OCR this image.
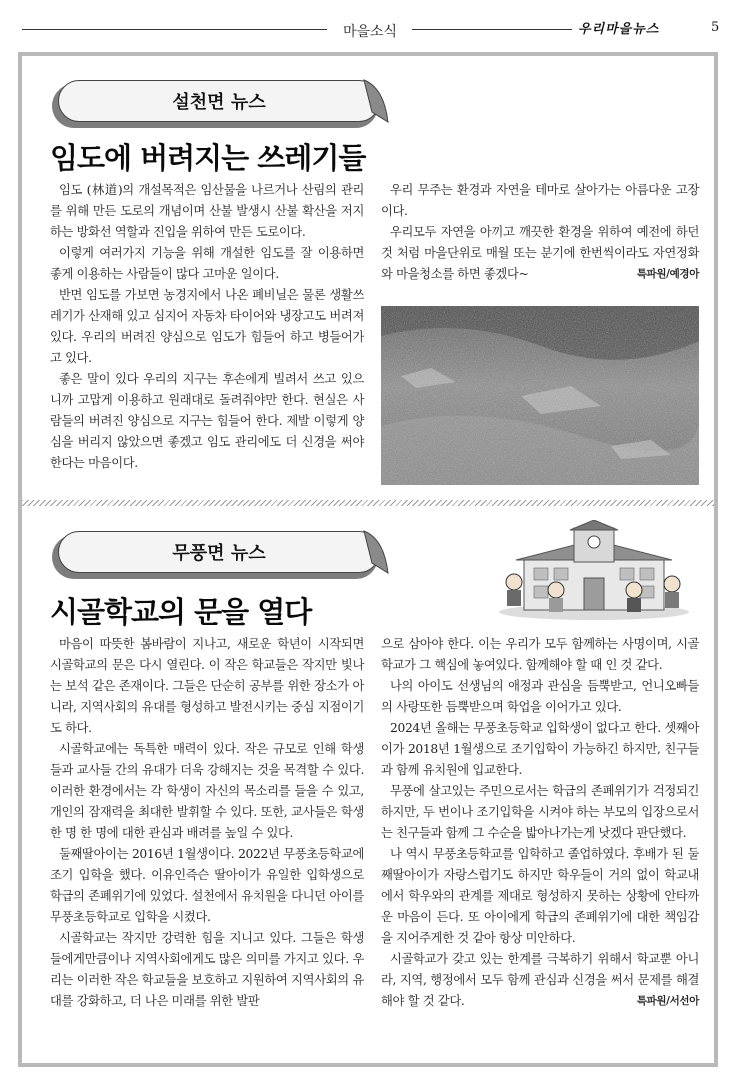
마을소식	우리마을뉴스	5
설천면 뉴스
임도에 버려지는 쓰레기들

임도 (林道)의 개설목적은 임산물을 나르거나 산림의 관리를 위해 만든 도로의 개념이며 산불 발생시 산불 확산을 저지하는 방화선 역할과 진입을 위하여 만든 도로이다.

이렇게 여러가지 기능을 위해 개설한 임도를 잘 이용하면 좋게 이용하는 사람들이 많다 고마운 일이다.

반면 임도를 가보면 농경지에서 나온 폐비닐은 물론 생활쓰레기가 산재해 있고 심지어 자동차 타이어와 냉장고도 버려져 있다. 우리의 버려진 양심으로 임도가 힘들어 하고 병들어가고 있다.

좋은 말이 있다 우리의 지구는 후손에게 빌려서 쓰고 있으니까 고맙게 이용하고 원래대로 돌려줘야만 한다. 현실은 사람들의 버려진 양심으로 지구는 힘들어 한다. 제발 이렇게 양심을 버리지 않았으면 좋겠고 임도 관리에도 더 신경을 써야 한다는 마음이다.

우리 무주는 환경과 자연을 테마로 살아가는 아름다운 고장이다.

우리모두 자연을 아끼고 깨끗한 환경을 위하여 예전에 하던것 처럼 마을단위로 매월 또는 분기에 한번씩이라도 자연정화와 마을청소를 하면 좋겠다~	특파원/예경아

무풍면 뉴스
시골학교의 문을 열다

마음이 따뜻한 봄바람이 지나고, 새로운 학년이 시작되면 시골학교의 문은 다시 열린다. 이 작은 학교들은 작지만 빛나는 보석 같은 존재이다. 그들은 단순히 공부를 위한 장소가 아니라, 지역사회의 유대를 형성하고 발전시키는 중심 지점이기도 하다.

시골학교에는 독특한 매력이 있다. 작은 규모로 인해 학생들과 교사들 간의 유대가 더욱 강해지는 것을 목격할 수 있다. 이러한 환경에서는 각 학생이 자신의 목소리를 들을 수 있고, 개인의 잠재력을 최대한 발휘할 수 있다. 또한, 교사들은 학생 한 명 한 명에 대한 관심과 배려를 높일 수 있다.

둘째딸아이는 2016년 1월생이다. 2022년 무풍초등학교에 조기 입학을 했다. 이유인즉슨 딸아이가 유일한 입학생으로 학급의 존폐위기에 있었다. 설천에서 유치원을 다니던 아이를 무풍초등학교로 입학을 시켰다.

시골학교는 작지만 강력한 힘을 지니고 있다. 그들은 학생들에게만큼이나 지역사회에게도 많은 의미를 가지고 있다. 우리는 이러한 작은 학교들을 보호하고 지원하여 지역사회의 유대를 강화하고, 더 나은 미래를 위한 발판

으로 삼아야 한다. 이는 우리가 모두 함께하는 사명이며, 시골학교가 그 핵심에 놓여있다. 함께해야 할 때 인 것 같다.

나의 아이도 선생님의 애정과 관심을 듬뿍받고, 언니오빠들의 사랑또한 듬뿍받으며 학업을 이어가고 있다.

2024년 올해는 무풍초등학교 입학생이 없다고 한다. 셋째아이가 2018년 1월생으로 조기입학이 가능하긴 하지만, 친구들과 함께 유치원에 입교한다.

무풍에 살고있는 주민으로서는 학급의 존폐위기가 걱정되긴 하지만, 두 번이나 조기입학을 시켜야 하는 부모의 입장으로서는 친구들과 함께 그 수순을 밟아나가는게 낫겠다 판단했다.

나 역시 무풍초등학교를 입학하고 졸업하였다. 후배가 된 둘째딸아이가 자랑스럽기도 하지만 학우들이 거의 없이 학교내에서 학우와의 관계를 제대로 형성하지 못하는 상황에 안타까운 마음이 든다. 또 아이에게 학급의 존폐위기에 대한 책임감을 지어주게한 것 같아 항상 미안하다.

시골학교가 갖고 있는 한계를 극복하기 위해서 학교뿐 아니라, 지역, 행정에서 모두 함께 관심과 신경을 써서 문제를 해결해야 할 것 같다.	특파원/서선아
